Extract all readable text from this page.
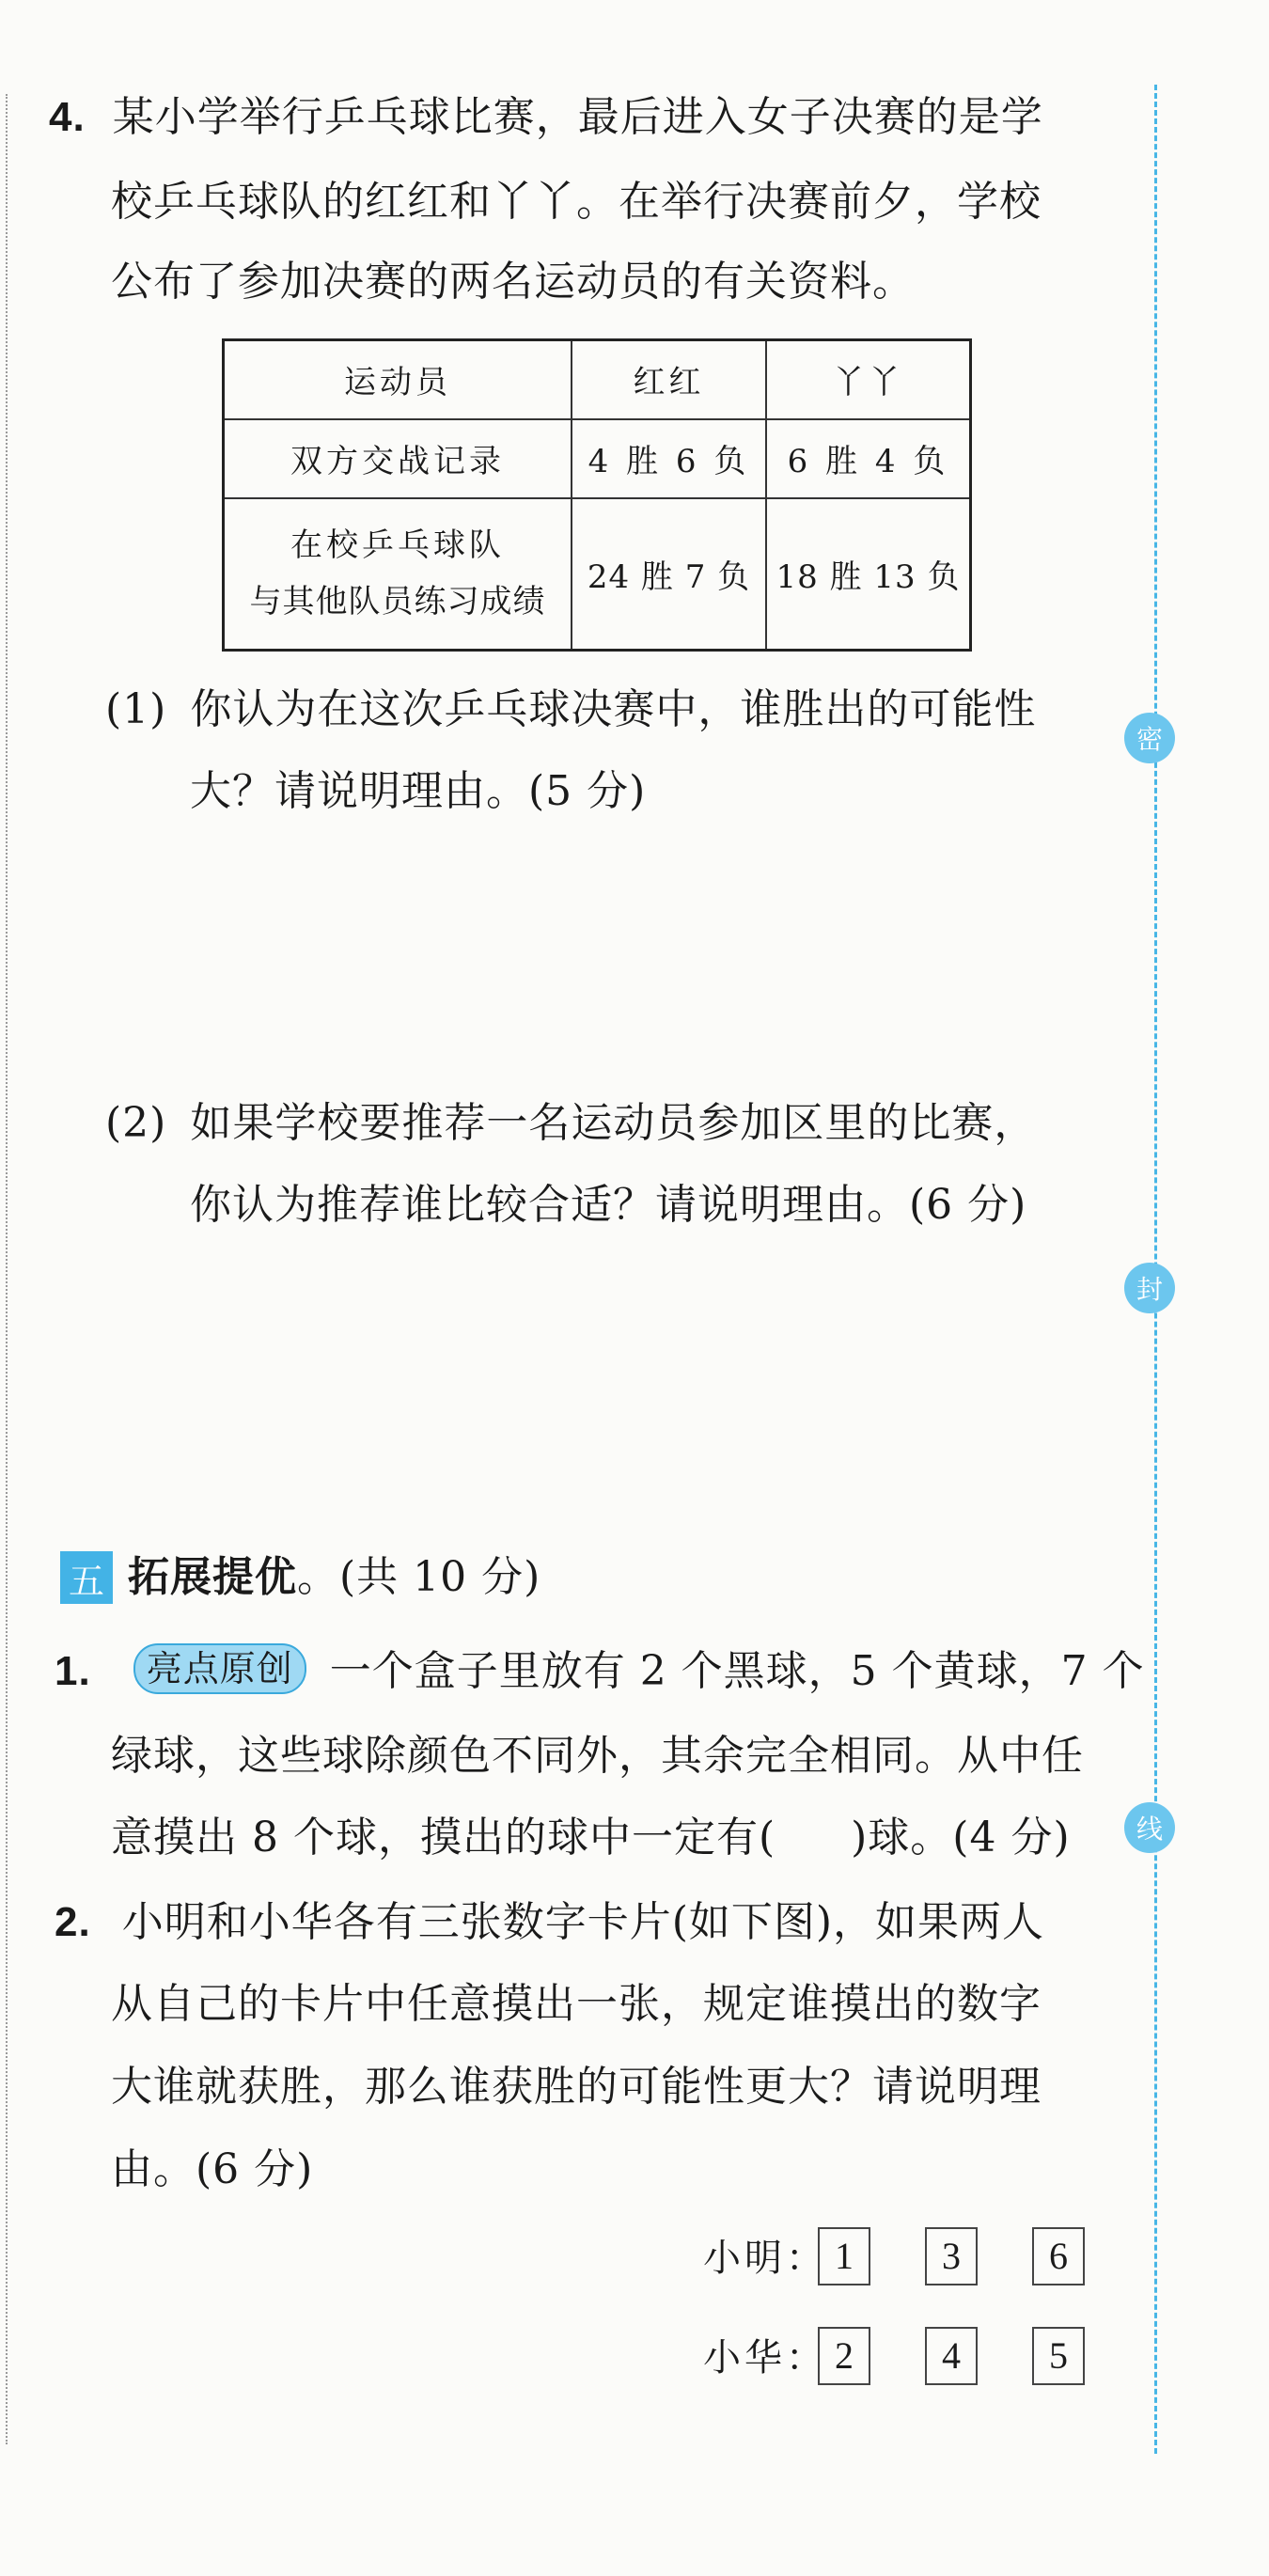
密
封
线
4. 某小学举行乒乓球比赛，最后进入女子决赛的是学
校乒乓球队的红红和丫丫。在举行决赛前夕，学校
公布了参加决赛的两名运动员的有关资料。
运动员	红红	丫丫
双方交战记录	4 胜 6 负	6 胜 4 负

在校乒乓球队
与其他队员练习成绩	24 胜 7 负	18 胜 13 负
(1) 你认为在这次乒乓球决赛中，谁胜出的可能性
大？请说明理由。(5 分)
(2) 如果学校要推荐一名运动员参加区里的比赛，
你认为推荐谁比较合适？请说明理由。(6 分)
五 拓展提优。(共 10 分)
1. 亮点原创 一个盒子里放有 2 个黑球，5 个黄球，7 个
绿球，这些球除颜色不同外，其余完全相同。从中任
意摸出 8 个球，摸出的球中一定有( )球。(4 分)
2. 小明和小华各有三张数字卡片(如下图)，如果两人
从自己的卡片中任意摸出一张，规定谁摸出的数字
大谁就获胜，那么谁获胜的可能性更大？请说明理
由。(6 分)
小明： 1	3	6
小华： 2	4	5
